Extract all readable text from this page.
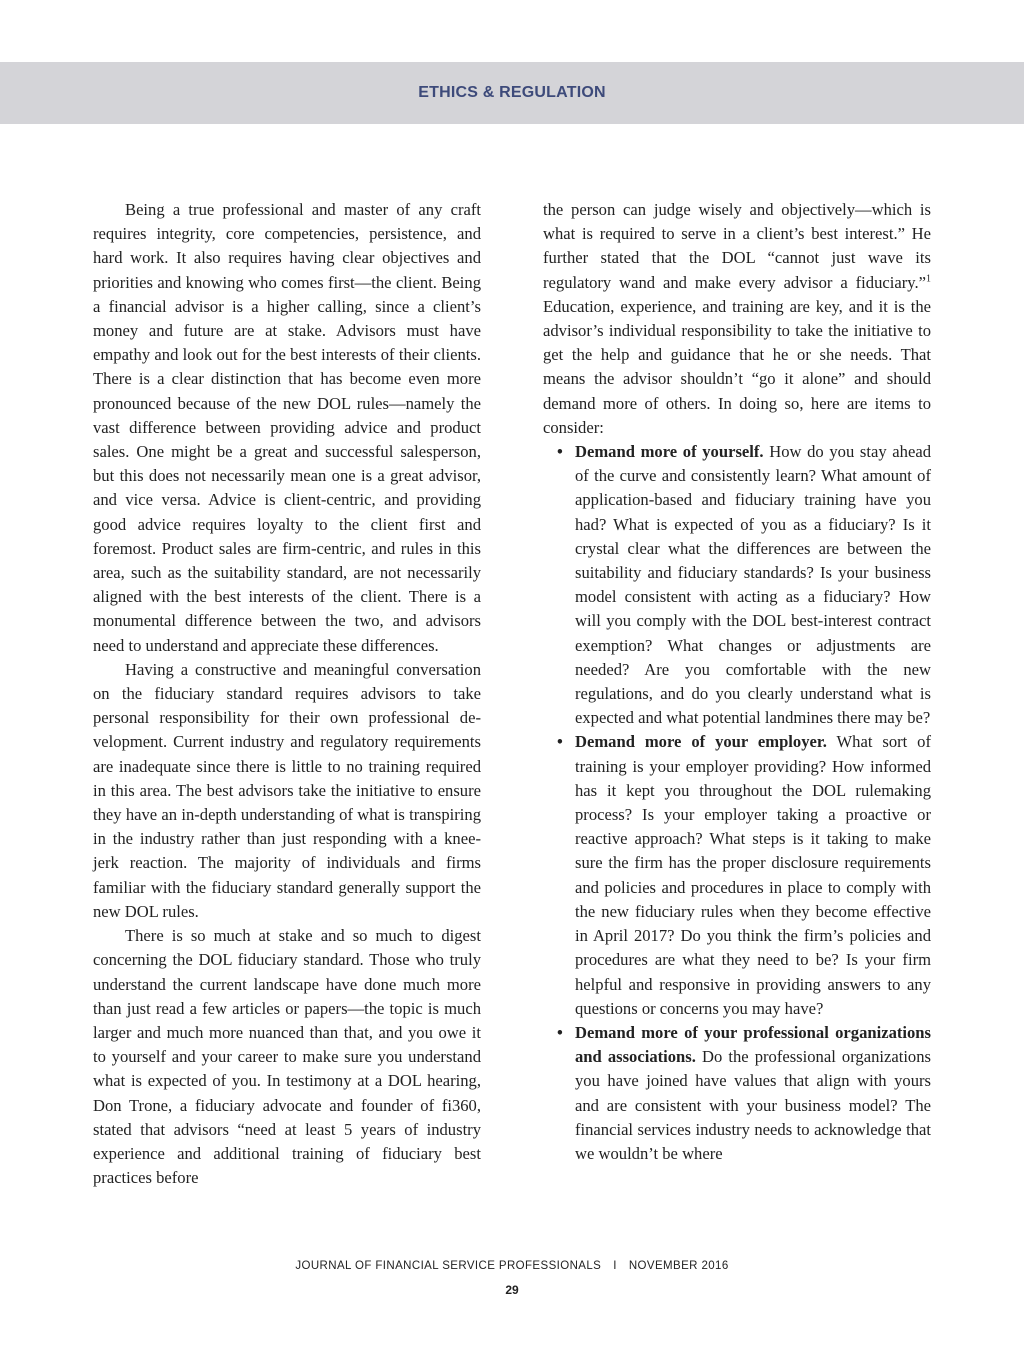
ETHICS & REGULATION

Being a true professional and master of any craft requires integrity, core competencies, persistence, and hard work. It also requires having clear objectives and priorities and knowing who comes first—the client. Being a financial advisor is a higher calling, since a client’s money and future are at stake. Advisors must have empathy and look out for the best interests of their clients. There is a clear distinction that has become even more pronounced because of the new DOL rules—namely the vast difference between providing advice and product sales. One might be a great and successful salesperson, but this does not necessarily mean one is a great advisor, and vice versa. Advice is client-centric, and providing good advice requires loyalty to the client first and foremost. Product sales are firm-centric, and rules in this area, such as the suitability standard, are not necessarily aligned with the best interests of the client. There is a monumental difference between the two, and advisors need to understand and appreciate these differences.

Having a constructive and meaningful conversation on the fiduciary standard requires advisors to take personal responsibility for their own professional development. Current industry and regulatory requirements are inadequate since there is little to no training required in this area. The best advisors take the initiative to ensure they have an in-depth understanding of what is transpiring in the industry rather than just responding with a knee-jerk reaction. The majority of individuals and firms familiar with the fiduciary standard generally support the new DOL rules.

There is so much at stake and so much to digest concerning the DOL fiduciary standard. Those who truly understand the current landscape have done much more than just read a few articles or papers—the topic is much larger and much more nuanced than that, and you owe it to yourself and your career to make sure you understand what is expected of you. In testimony at a DOL hearing, Don Trone, a fiduciary advocate and founder of fi360, stated that advisors “need at least 5 years of industry experience and additional training of fiduciary best practices before

the person can judge wisely and objectively—which is what is required to serve in a client’s best interest.” He further stated that the DOL “cannot just wave its regulatory wand and make every advisor a fiduciary.”$^1$ Education, experience, and training are key, and it is the advisor’s individual responsibility to take the initiative to get the help and guidance that he or she needs. That means the advisor shouldn’t “go it alone” and should demand more of others. In doing so, here are items to consider:

• Demand more of yourself. How do you stay ahead of the curve and consistently learn? What amount of application-based and fiduciary training have you had? What is expected of you as a fiduciary? Is it crystal clear what the differences are between the suitability and fiduciary standards? Is your business model consistent with acting as a fiduciary? How will you comply with the DOL best-interest contract exemption? What changes or adjustments are needed? Are you comfortable with the new regulations, and do you clearly understand what is expected and what potential landmines there may be?
• Demand more of your employer. What sort of training is your employer providing? How informed has it kept you throughout the DOL rulemaking process? Is your employer taking a proactive or reactive approach? What steps is it taking to make sure the firm has the proper disclosure requirements and policies and procedures in place to comply with the new fiduciary rules when they become effective in April 2017? Do you think the firm’s policies and procedures are what they need to be? Is your firm helpful and responsive in providing answers to any questions or concerns you may have?
• Demand more of your professional organizations and associations. Do the professional organizations you have joined have values that align with yours and are consistent with your business model? The financial services industry needs to acknowledge that we wouldn’t be where
JOURNAL OF FINANCIAL SERVICE PROFESSIONALS I NOVEMBER 2016
29
